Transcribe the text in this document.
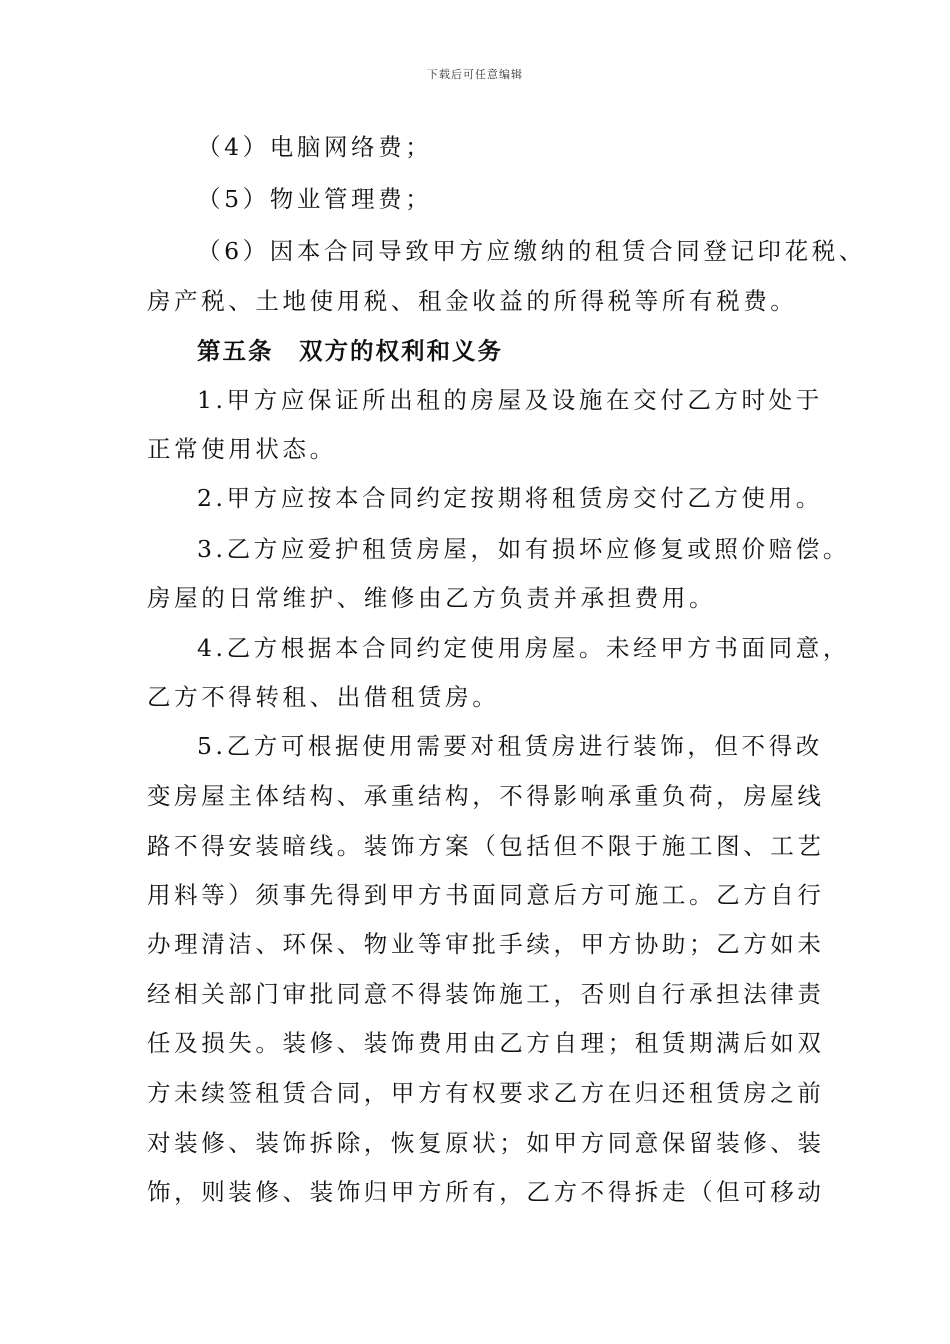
下载后可任意编辑
（4）电脑网络费；
（5）物业管理费；
（6）因本合同导致甲方应缴纳的租赁合同登记印花税、
房产税、土地使用税、租金收益的所得税等所有税费。
第五条　双方的权利和义务
1.甲方应保证所出租的房屋及设施在交付乙方时处于
正常使用状态。
2.甲方应按本合同约定按期将租赁房交付乙方使用。
3.乙方应爱护租赁房屋，如有损坏应修复或照价赔偿。
房屋的日常维护、维修由乙方负责并承担费用。
4.乙方根据本合同约定使用房屋。未经甲方书面同意，
乙方不得转租、出借租赁房。
5.乙方可根据使用需要对租赁房进行装饰，但不得改
变房屋主体结构、承重结构，不得影响承重负荷，房屋线
路不得安装暗线。装饰方案（包括但不限于施工图、工艺
用料等）须事先得到甲方书面同意后方可施工。乙方自行
办理清洁、环保、物业等审批手续，甲方协助；乙方如未
经相关部门审批同意不得装饰施工，否则自行承担法律责
任及损失。装修、装饰费用由乙方自理；租赁期满后如双
方未续签租赁合同，甲方有权要求乙方在归还租赁房之前
对装修、装饰拆除，恢复原状；如甲方同意保留装修、装
饰，则装修、装饰归甲方所有，乙方不得拆走（但可移动
